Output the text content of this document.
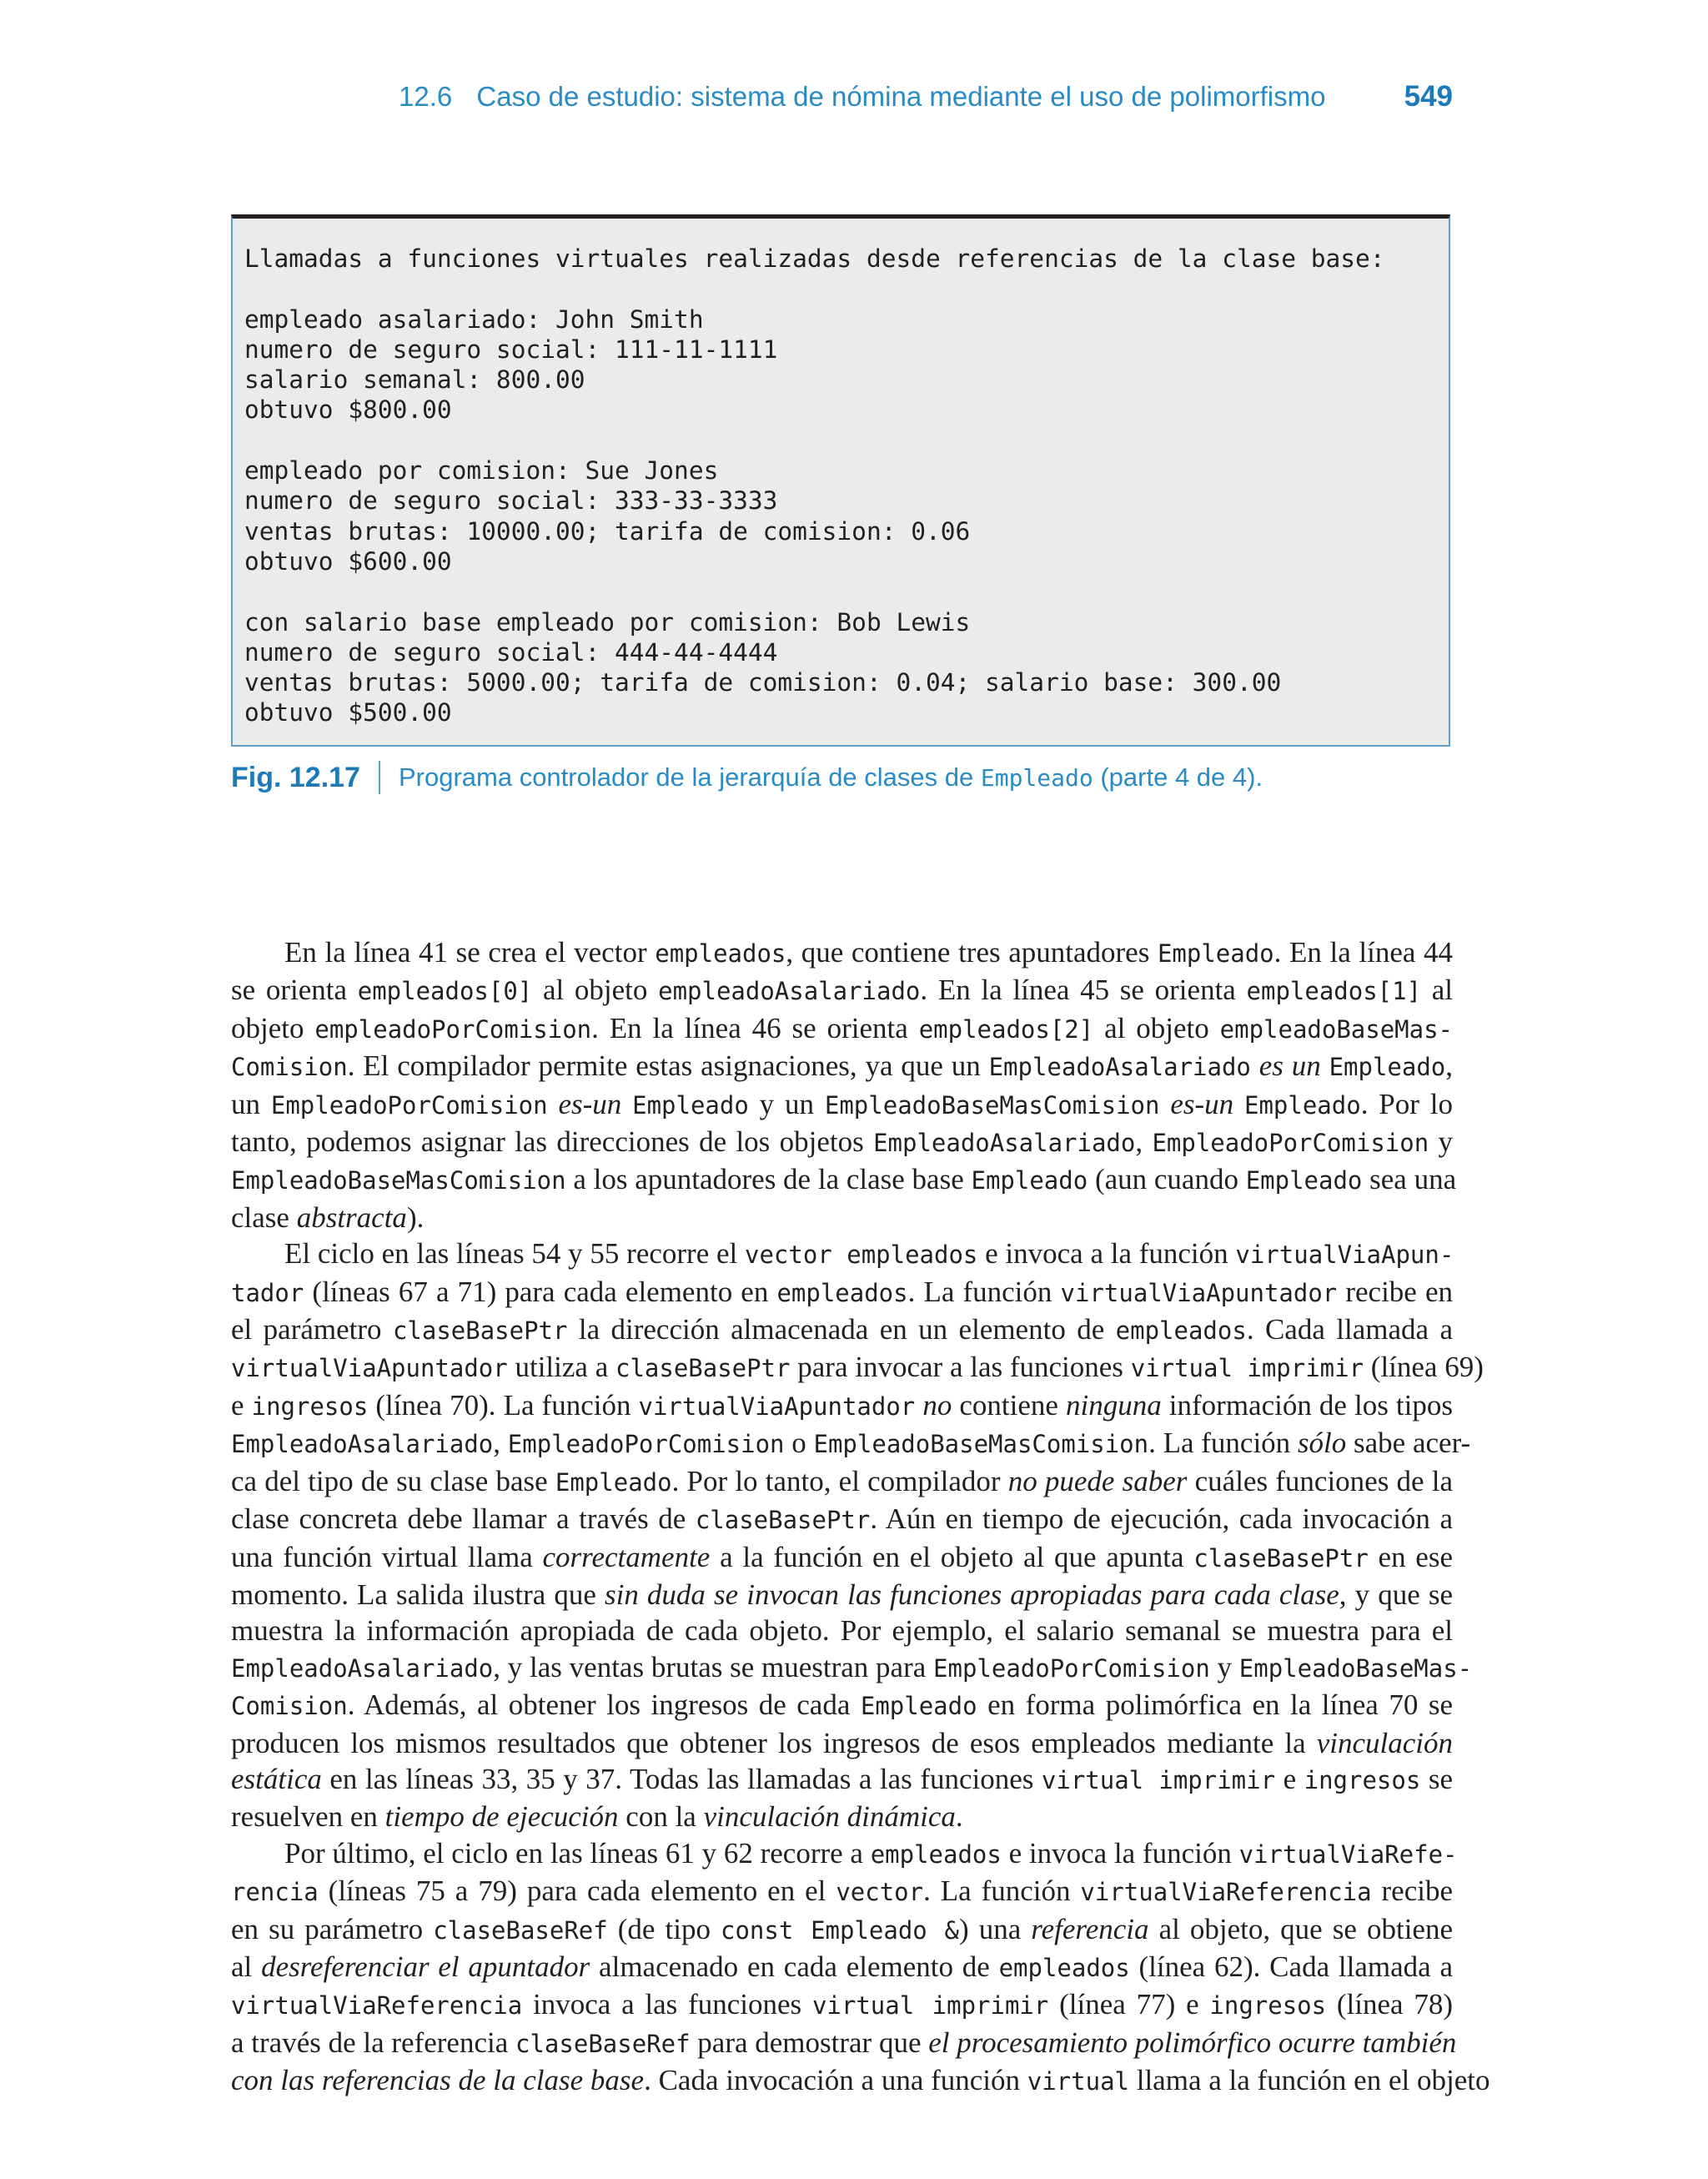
12.6 Caso de estudio: sistema de nómina mediante el uso de polimorfismo	549
Llamadas a funciones virtuales realizadas desde referencias de la clase base:

empleado asalariado: John Smith
numero de seguro social: 111-11-1111
salario semanal: 800.00
obtuvo $800.00

empleado por comision: Sue Jones
numero de seguro social: 333-33-3333
ventas brutas: 10000.00; tarifa de comision: 0.06
obtuvo $600.00

con salario base empleado por comision: Bob Lewis
numero de seguro social: 444-44-4444
ventas brutas: 5000.00; tarifa de comision: 0.04; salario base: 300.00
obtuvo $500.00
Fig. 12.17 Programa controlador de la jerarquía de clases de Empleado (parte 4 de 4).

En la línea 41 se crea el vector empleados, que contiene tres apuntadores Empleado. En la línea 44
se orienta empleados[0] al objeto empleadoAsalariado. En la línea 45 se orienta empleados[1] al
objeto empleadoPorComision. En la línea 46 se orienta empleados[2] al objeto empleadoBaseMas-
Comision. El compilador permite estas asignaciones, ya que un EmpleadoAsalariado es un Empleado,
un EmpleadoPorComision es-un Empleado y un EmpleadoBaseMasComision es-un Empleado. Por lo
tanto, podemos asignar las direcciones de los objetos EmpleadoAsalariado, EmpleadoPorComision y
EmpleadoBaseMasComision a los apuntadores de la clase base Empleado (aun cuando Empleado sea una
clase abstracta).

El ciclo en las líneas 54 y 55 recorre el vector empleados e invoca a la función virtualViaApun-
tador (líneas 67 a 71) para cada elemento en empleados. La función virtualViaApuntador recibe en
el parámetro claseBasePtr la dirección almacenada en un elemento de empleados. Cada llamada a
virtualViaApuntador utiliza a claseBasePtr para invocar a las funciones virtual imprimir (línea 69)
e ingresos (línea 70). La función virtualViaApuntador no contiene ninguna información de los tipos
EmpleadoAsalariado, EmpleadoPorComision o EmpleadoBaseMasComision. La función sólo sabe acer-
ca del tipo de su clase base Empleado. Por lo tanto, el compilador no puede saber cuáles funciones de la
clase concreta debe llamar a través de claseBasePtr. Aún en tiempo de ejecución, cada invocación a
una función virtual llama correctamente a la función en el objeto al que apunta claseBasePtr en ese
momento. La salida ilustra que sin duda se invocan las funciones apropiadas para cada clase, y que se
muestra la información apropiada de cada objeto. Por ejemplo, el salario semanal se muestra para el
EmpleadoAsalariado, y las ventas brutas se muestran para EmpleadoPorComision y EmpleadoBaseMas-
Comision. Además, al obtener los ingresos de cada Empleado en forma polimórfica en la línea 70 se
producen los mismos resultados que obtener los ingresos de esos empleados mediante la vinculación
estática en las líneas 33, 35 y 37. Todas las llamadas a las funciones virtual imprimir e ingresos se
resuelven en tiempo de ejecución con la vinculación dinámica.

Por último, el ciclo en las líneas 61 y 62 recorre a empleados e invoca la función virtualViaRefe-
rencia (líneas 75 a 79) para cada elemento en el vector. La función virtualViaReferencia recibe
en su parámetro claseBaseRef (de tipo const Empleado &) una referencia al objeto, que se obtiene
al desreferenciar el apuntador almacenado en cada elemento de empleados (línea 62). Cada llamada a
virtualViaReferencia invoca a las funciones virtual imprimir (línea 77) e ingresos (línea 78)
a través de la referencia claseBaseRef para demostrar que el procesamiento polimórfico ocurre también
con las referencias de la clase base. Cada invocación a una función virtual llama a la función en el objeto
